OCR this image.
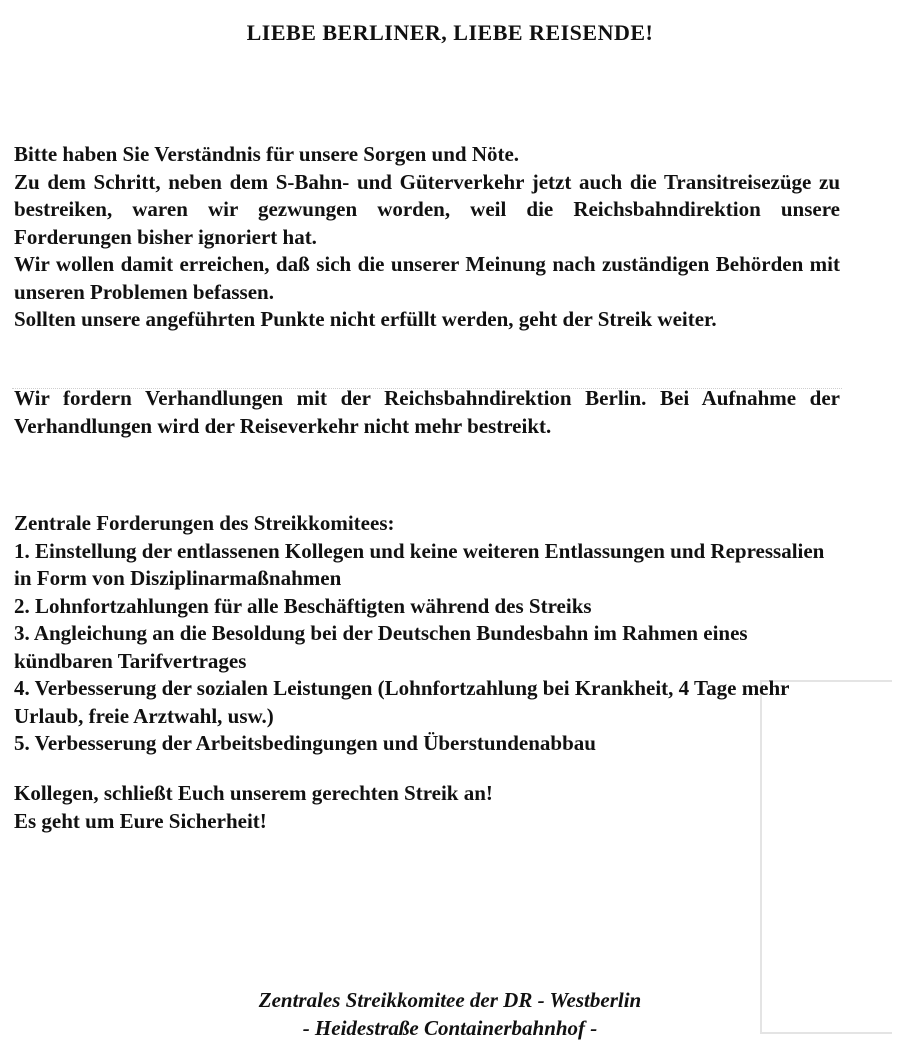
LIEBE BERLINER, LIEBE REISENDE!

Bitte haben Sie Verständnis für unsere Sorgen und Nöte.

Zu dem Schritt, neben dem S-Bahn- und Güterverkehr jetzt auch die Transitreisezüge zu bestreiken, waren wir gezwungen worden, weil die Reichsbahndirektion unsere Forderungen bisher ignoriert hat.

Wir wollen damit erreichen, daß sich die unserer Meinung nach zuständigen Behörden mit unseren Problemen befassen.

Sollten unsere angeführten Punkte nicht erfüllt werden, geht der Streik weiter.

Wir fordern Verhandlungen mit der Reichsbahndirektion Berlin. Bei Aufnahme der Verhandlungen wird der Reiseverkehr nicht mehr bestreikt.

Zentrale Forderungen des Streikkomitees:

1. Einstellung der entlassenen Kollegen und keine weiteren Entlassungen und Repressalien in Form von Disziplinarmaßnahmen

2. Lohnfortzahlungen für alle Beschäftigten während des Streiks

3. Angleichung an die Besoldung bei der Deutschen Bundesbahn im Rahmen eines kündbaren Tarifvertrages

4. Verbesserung der sozialen Leistungen (Lohnfortzahlung bei Krankheit, 4 Tage mehr Urlaub, freie Arztwahl, usw.)

5. Verbesserung der Arbeitsbedingungen und Überstundenabbau

Kollegen, schließt Euch unserem gerechten Streik an!

Es geht um Eure Sicherheit!

Zentrales Streikkomitee der DR - Westberlin

- Heidestraße Containerbahnhof -
